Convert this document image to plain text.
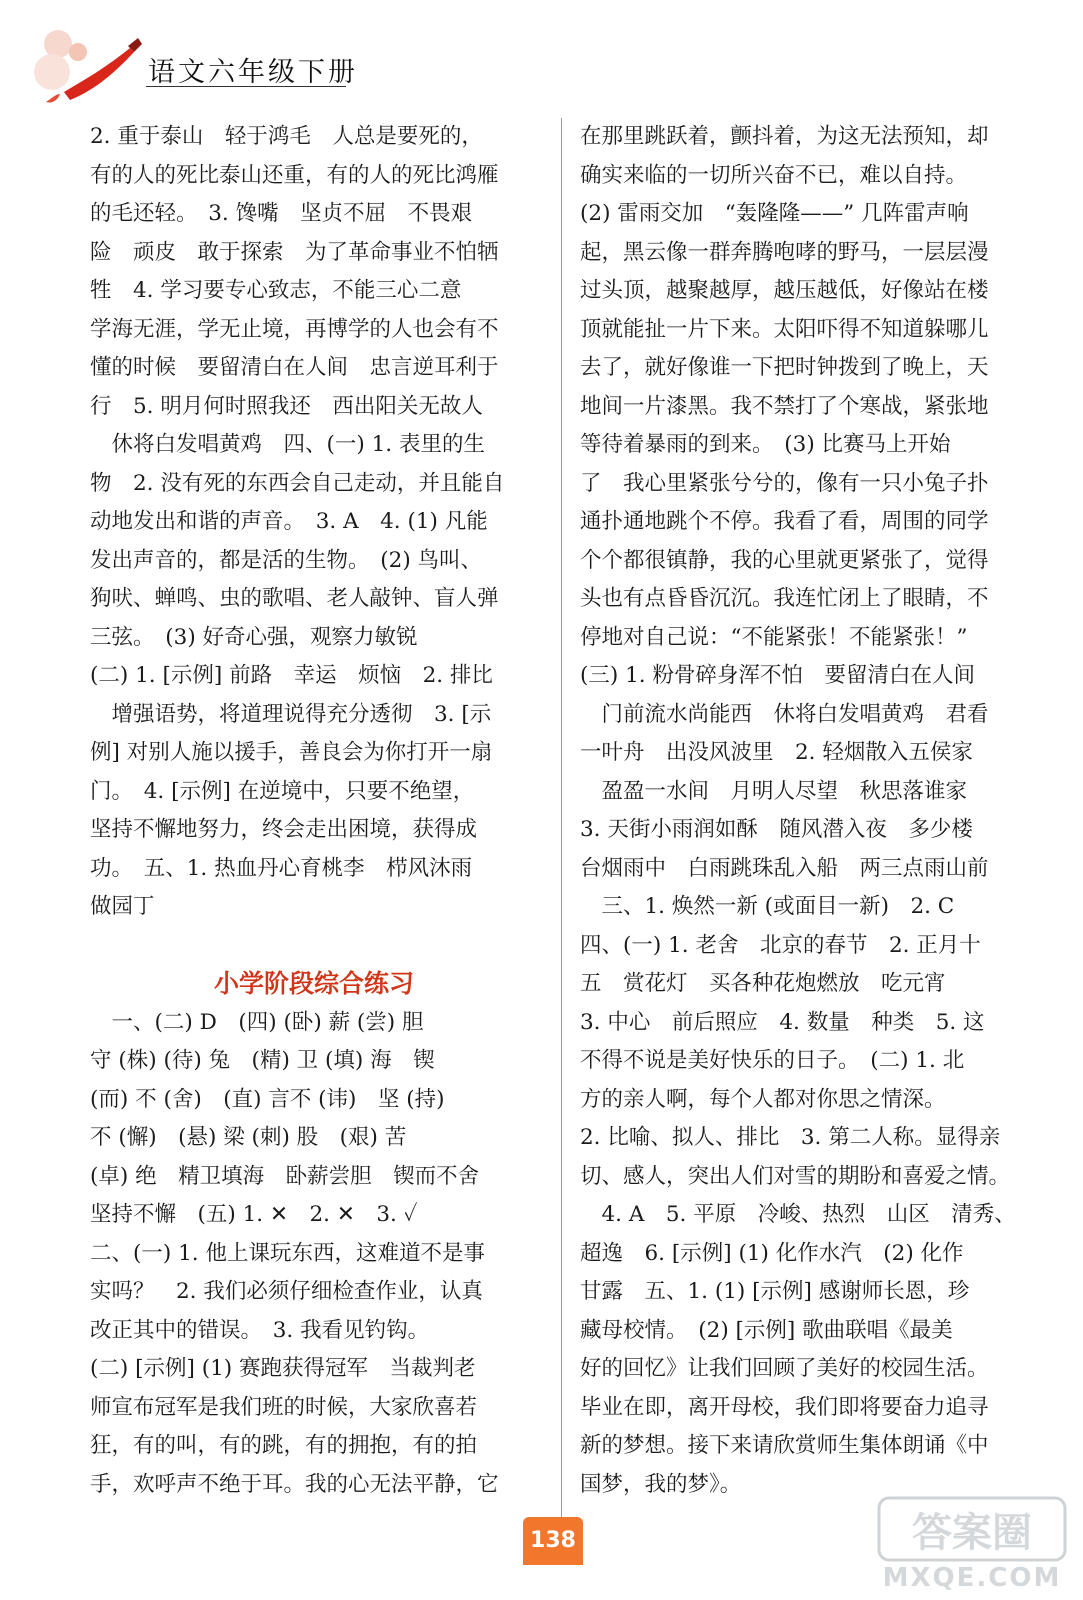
语文六年级下册
2. 重于泰山　轻于鸿毛　人总是要死的，
有的人的死比泰山还重，有的人的死比鸿雁
的毛还轻。　3. 馋嘴　坚贞不屈　不畏艰
险　顽皮　敢于探索　为了革命事业不怕牺
牲　4. 学习要专心致志，不能三心二意
学海无涯，学无止境，再博学的人也会有不
懂的时候　要留清白在人间　忠言逆耳利于
行　5. 明月何时照我还　西出阳关无故人
　休将白发唱黄鸡　四、(一) 1. 表里的生
物　2. 没有死的东西会自己走动，并且能自
动地发出和谐的声音。　3. A　4. (1) 凡能
发出声音的，都是活的生物。　(2) 鸟叫、
狗吠、蝉鸣、虫的歌唱、老人敲钟、盲人弹
三弦。　(3) 好奇心强，观察力敏锐
(二) 1. [示例] 前路　幸运　烦恼　2. 排比
　增强语势，将道理说得充分透彻　3. [示
例] 对别人施以援手，善良会为你打开一扇
门。　4. [示例] 在逆境中，只要不绝望，
坚持不懈地努力，终会走出困境，获得成
功。　五、1. 热血丹心育桃李　栉风沐雨
做园丁
小学阶段综合练习
　一、(二) D　(四) (卧) 薪 (尝) 胆
守 (株) (待) 兔　(精) 卫 (填) 海　锲
(而) 不 (舍)　(直) 言不 (讳)　坚 (持)
不 (懈)　(悬) 梁 (刺) 股　(艰) 苦
(卓) 绝　精卫填海　卧薪尝胆　锲而不舍
坚持不懈　(五) 1. ✕　2. ✕　3. ✓
二、(一) 1. 他上课玩东西，这难道不是事
实吗？　2. 我们必须仔细检查作业，认真
改正其中的错误。　3. 我看见钓钩。
(二) [示例] (1) 赛跑获得冠军　当裁判老
师宣布冠军是我们班的时候，大家欣喜若
狂，有的叫，有的跳，有的拥抱，有的拍
手，欢呼声不绝于耳。我的心无法平静，它
在那里跳跃着，颤抖着，为这无法预知，却
确实来临的一切所兴奋不已，难以自持。
(2) 雷雨交加　“轰隆隆——” 几阵雷声响
起，黑云像一群奔腾咆哮的野马，一层层漫
过头顶，越聚越厚，越压越低，好像站在楼
顶就能扯一片下来。太阳吓得不知道躲哪儿
去了，就好像谁一下把时钟拨到了晚上，天
地间一片漆黑。我不禁打了个寒战，紧张地
等待着暴雨的到来。　(3) 比赛马上开始
了　我心里紧张兮兮的，像有一只小兔子扑
通扑通地跳个不停。我看了看，周围的同学
个个都很镇静，我的心里就更紧张了，觉得
头也有点昏昏沉沉。我连忙闭上了眼睛，不
停地对自己说：“不能紧张！不能紧张！”
(三) 1. 粉骨碎身浑不怕　要留清白在人间
　门前流水尚能西　休将白发唱黄鸡　君看
一叶舟　出没风波里　2. 轻烟散入五侯家
　盈盈一水间　月明人尽望　秋思落谁家
3. 天街小雨润如酥　随风潜入夜　多少楼
台烟雨中　白雨跳珠乱入船　两三点雨山前
　三、1. 焕然一新 (或面目一新)　2. C
四、(一) 1. 老舍　北京的春节　2. 正月十
五　赏花灯　买各种花炮燃放　吃元宵
3. 中心　前后照应　4. 数量　种类　5. 这
不得不说是美好快乐的日子。　(二) 1. 北
方的亲人啊，每个人都对你思之情深。
2. 比喻、拟人、排比　3. 第二人称。显得亲
切、感人，突出人们对雪的期盼和喜爱之情。
　4. A　5. 平原　冷峻、热烈　山区　清秀、
超逸　6. [示例] (1) 化作水汽　(2) 化作
甘露　五、1. (1) [示例] 感谢师长恩，珍
藏母校情。　(2) [示例] 歌曲联唱《最美
好的回忆》让我们回顾了美好的校园生活。
毕业在即，离开母校，我们即将要奋力追寻
新的梦想。接下来请欣赏师生集体朗诵《中
国梦，我的梦》。
138	答案圈
MXQE.COM
